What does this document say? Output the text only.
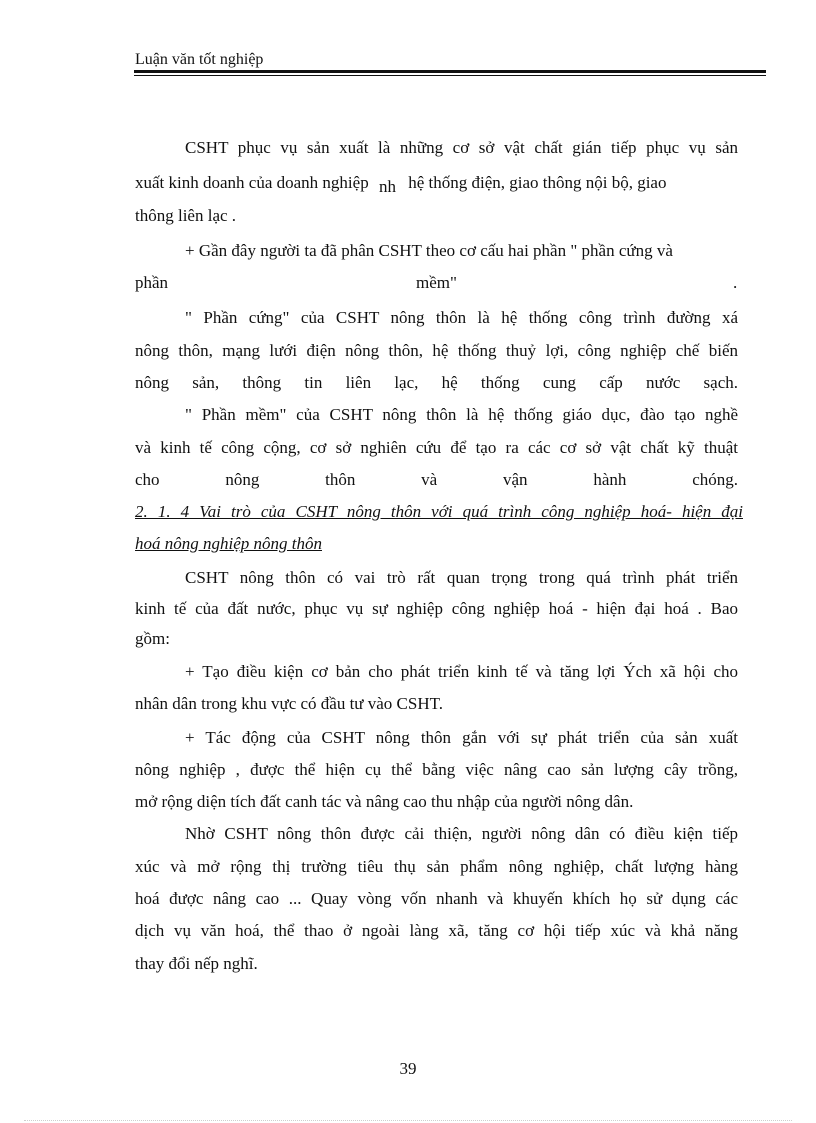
Luận văn tốt nghiệp

CSHT phục vụ sản xuất là những cơ sở vật chất gián tiếp phục vụ sản

xuất kinh doanh của doanh nghiệp nh hệ thống điện, giao thông nội bộ, giao

thông liên lạc .

+ Gần đây người ta đã phân CSHT theo cơ cấu hai phần " phần cứng và

phần	mềm"	.

" Phần cứng" của CSHT nông thôn là hệ thống công trình đường xá

nông thôn, mạng lưới điện nông thôn, hệ thống thuỷ lợi, công nghiệp chế biến

nông sản, thông tin liên lạc, hệ thống cung cấp nước sạch.

" Phần mềm" của CSHT nông thôn là hệ thống giáo dục, đào tạo nghề

và kinh tế công cộng, cơ sở nghiên cứu để tạo ra các cơ sở vật chất kỹ thuật

cho nông thôn và vận hành chóng.

2. 1. 4 Vai trò của CSHT nông thôn với quá trình công nghiệp hoá- hiện đại

hoá nông nghiệp nông thôn

CSHT nông thôn có vai trò rất quan trọng trong quá trình phát triển

kinh tế của đất nước, phục vụ sự nghiệp công nghiệp hoá - hiện đại hoá . Bao

gồm:

+ Tạo điều kiện cơ bản cho phát triển kinh tế và tăng lợi Ých xã hội cho

nhân dân trong khu vực có đầu tư vào CSHT.

+ Tác động của CSHT nông thôn gắn với sự phát triển của sản xuất

nông nghiệp , được thể hiện cụ thể bằng việc nâng cao sản lượng cây trồng,

mở rộng diện tích đất canh tác và nâng cao thu nhập của người nông dân.

Nhờ CSHT nông thôn được cải thiện, người nông dân có điều kiện tiếp

xúc và mở rộng thị trường tiêu thụ sản phẩm nông nghiệp, chất lượng hàng

hoá được nâng cao ... Quay vòng vốn nhanh và khuyến khích họ sử dụng các

dịch vụ văn hoá, thể thao ở ngoài làng xã, tăng cơ hội tiếp xúc và khả năng

thay đổi nếp nghĩ.

39
